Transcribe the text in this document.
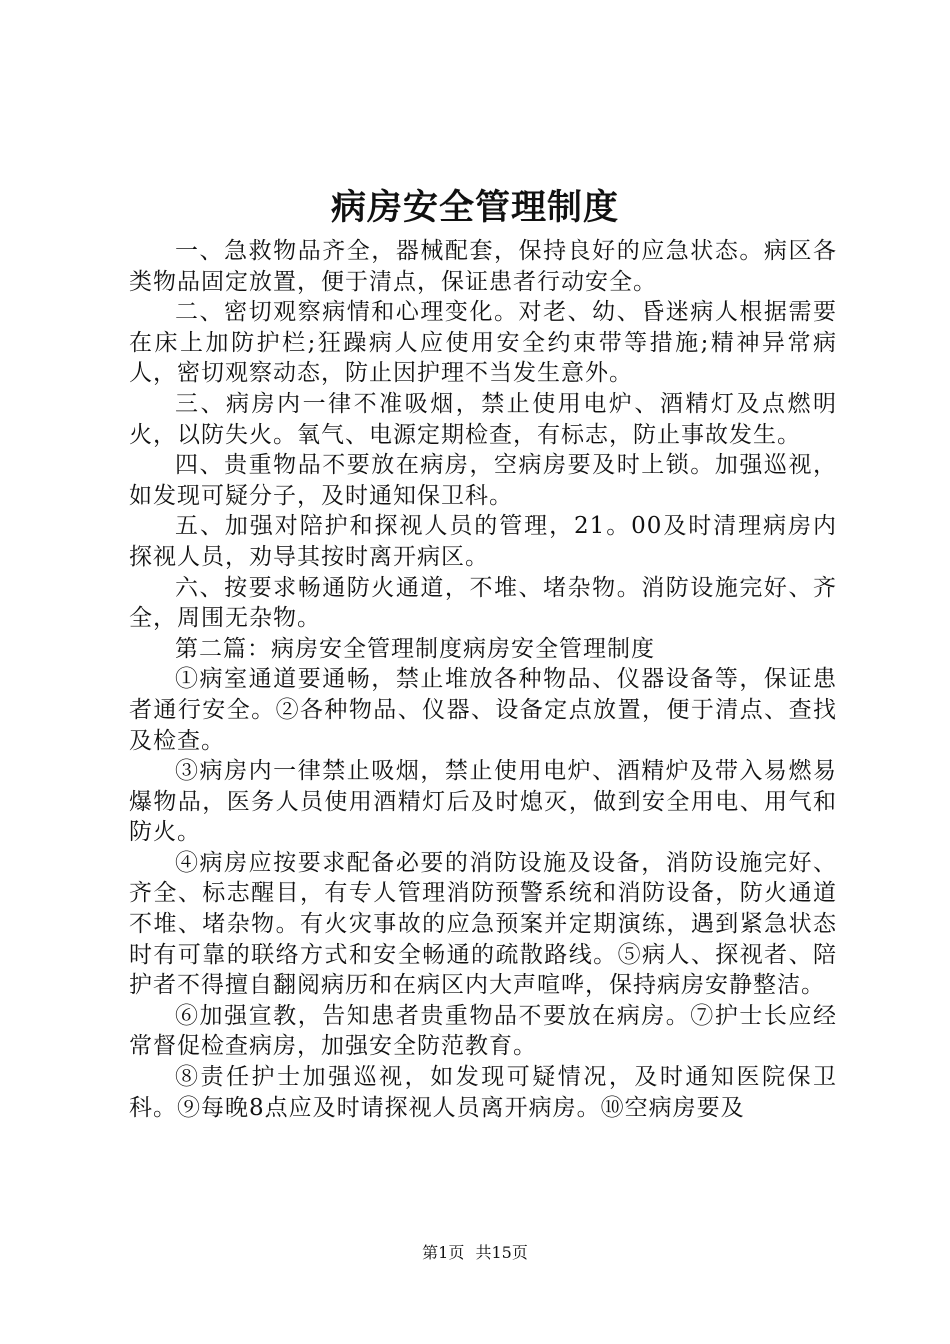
病房安全管理制度

一、急救物品齐全，器械配套，保持良好的应急状态。病区各类物品固定放置，便于清点，保证患者行动安全。

二、密切观察病情和心理变化。对老、幼、昏迷病人根据需要在床上加防护栏;狂躁病人应使用安全约束带等措施;精神异常病人，密切观察动态，防止因护理不当发生意外。

三、病房内一律不准吸烟，禁止使用电炉、酒精灯及点燃明火，以防失火。氧气、电源定期检查，有标志，防止事故发生。

四、贵重物品不要放在病房，空病房要及时上锁。加强巡视，如发现可疑分子，及时通知保卫科。

五、加强对陪护和探视人员的管理，21。00及时清理病房内探视人员，劝导其按时离开病区。

六、按要求畅通防火通道，不堆、堵杂物。消防设施完好、齐全，周围无杂物。

第二篇：病房安全管理制度病房安全管理制度

①病室通道要通畅，禁止堆放各种物品、仪器设备等，保证患者通行安全。②各种物品、仪器、设备定点放置，便于清点、查找及检查。

③病房内一律禁止吸烟，禁止使用电炉、酒精炉及带入易燃易爆物品，医务人员使用酒精灯后及时熄灭，做到安全用电、用气和防火。

④病房应按要求配备必要的消防设施及设备，消防设施完好、齐全、标志醒目，有专人管理消防预警系统和消防设备，防火通道不堆、堵杂物。有火灾事故的应急预案并定期演练，遇到紧急状态时有可靠的联络方式和安全畅通的疏散路线。⑤病人、探视者、陪护者不得擅自翻阅病历和在病区内大声喧哗，保持病房安静整洁。

⑥加强宣教，告知患者贵重物品不要放在病房。⑦护士长应经常督促检查病房，加强安全防范教育。

⑧责任护士加强巡视，如发现可疑情况，及时通知医院保卫科。⑨每晚8点应及时请探视人员离开病房。⑩空病房要及

第1页 共15页
